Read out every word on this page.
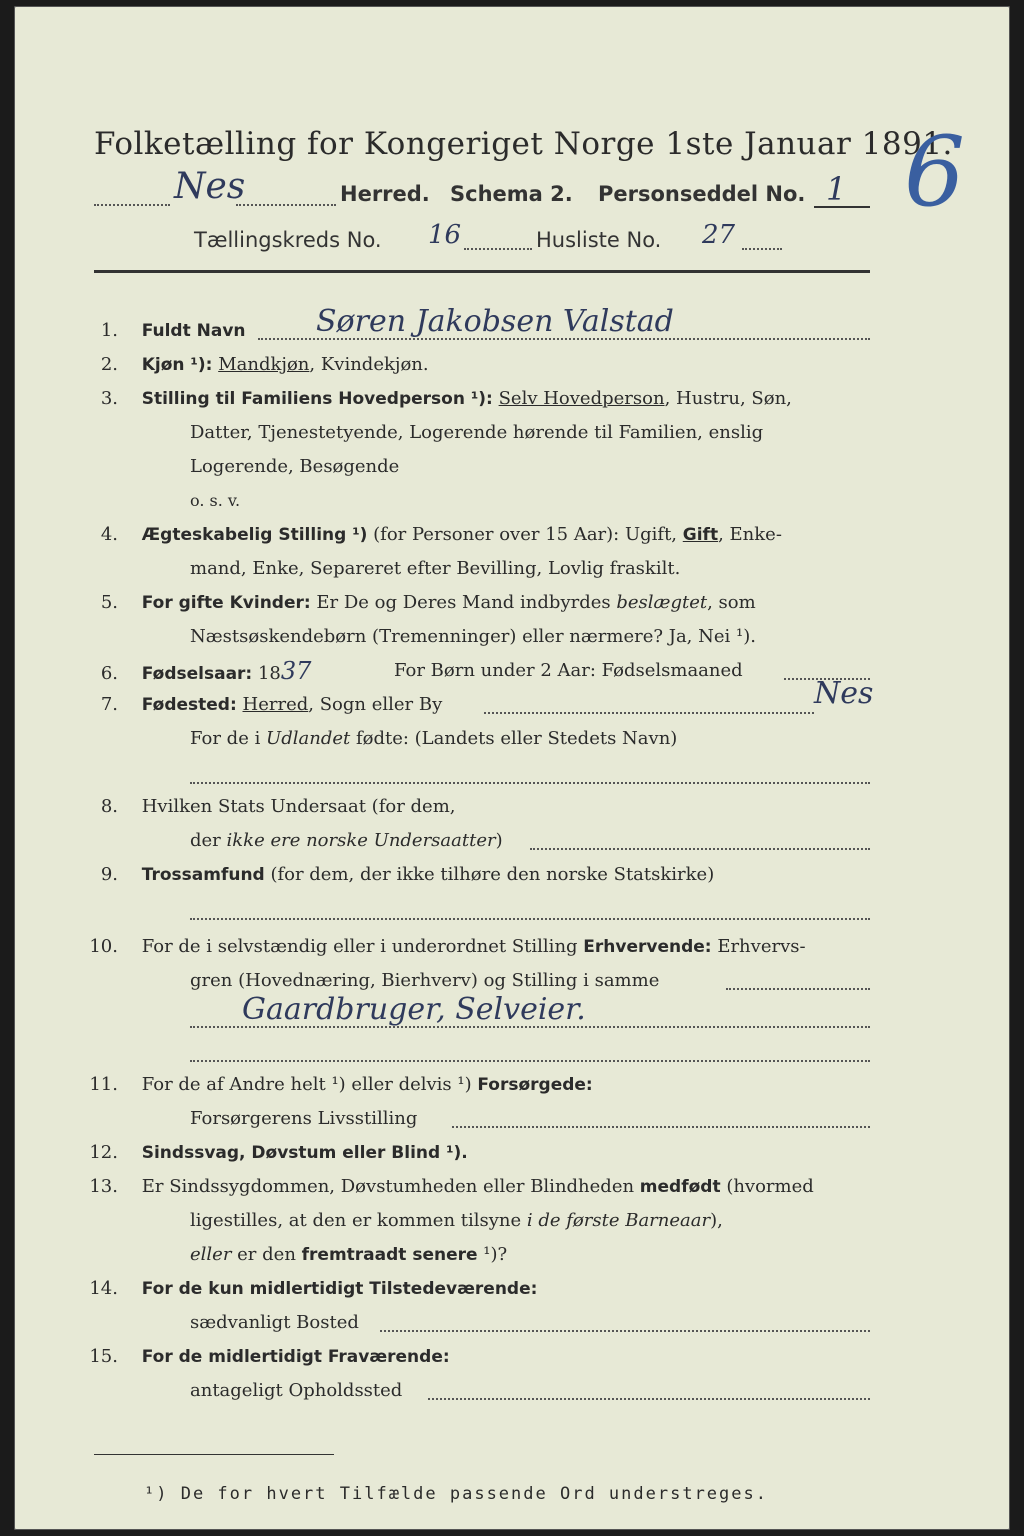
Folketælling for Kongeriget Norge 1ste Januar 1891.
6
Nes	Herred. Schema 2. Personseddel No. 1
Tællingskreds No. 16	Husliste No. 27
1. Fuldt Navn Søren Jakobsen Valstad
2. Kjøn ¹): Mandkjøn, Kvindekjøn.
3. Stilling til Familiens Hovedperson ¹): Selv Hovedperson, Hustru, Søn,
Datter, Tjenestetyende, Logerende hørende til Familien, enslig
Logerende, Besøgende
o. s. v.
4. Ægteskabelig Stilling ¹) (for Personer over 15 Aar): Ugift, Gift, Enke-
mand, Enke, Separeret efter Bevilling, Lovlig fraskilt.
5. For gifte Kvinder: Er De og Deres Mand indbyrdes beslægtet, som
Næstsøskendebørn (Tremenninger) eller nærmere? Ja, Nei ¹).
6. Fødselsaar: 1837	For Børn under 2 Aar: Fødselsmaaned
7. Fødested: Herred, Sogn eller By	Nes
For de i Udlandet fødte: (Landets eller Stedets Navn)
8. Hvilken Stats Undersaat (for dem,
der ikke ere norske Undersaatter)
9. Trossamfund (for dem, der ikke tilhøre den norske Statskirke)
10. For de i selvstændig eller i underordnet Stilling Erhvervende: Erhvervs-
gren (Hovednæring, Bierhverv) og Stilling i samme
Gaardbruger, Selveier.
11. For de af Andre helt ¹) eller delvis ¹) Forsørgede:
Forsørgerens Livsstilling
12. Sindssvag, Døvstum eller Blind ¹).
13. Er Sindssygdommen, Døvstumheden eller Blindheden medfødt (hvormed
ligestilles, at den er kommen tilsyne i de første Barneaar),
eller er den fremtraadt senere ¹)?
14. For de kun midlertidigt Tilstedeværende:
sædvanligt Bosted
15. For de midlertidigt Fraværende:
antageligt Opholdssted
¹) De for hvert Tilfælde passende Ord understreges.
